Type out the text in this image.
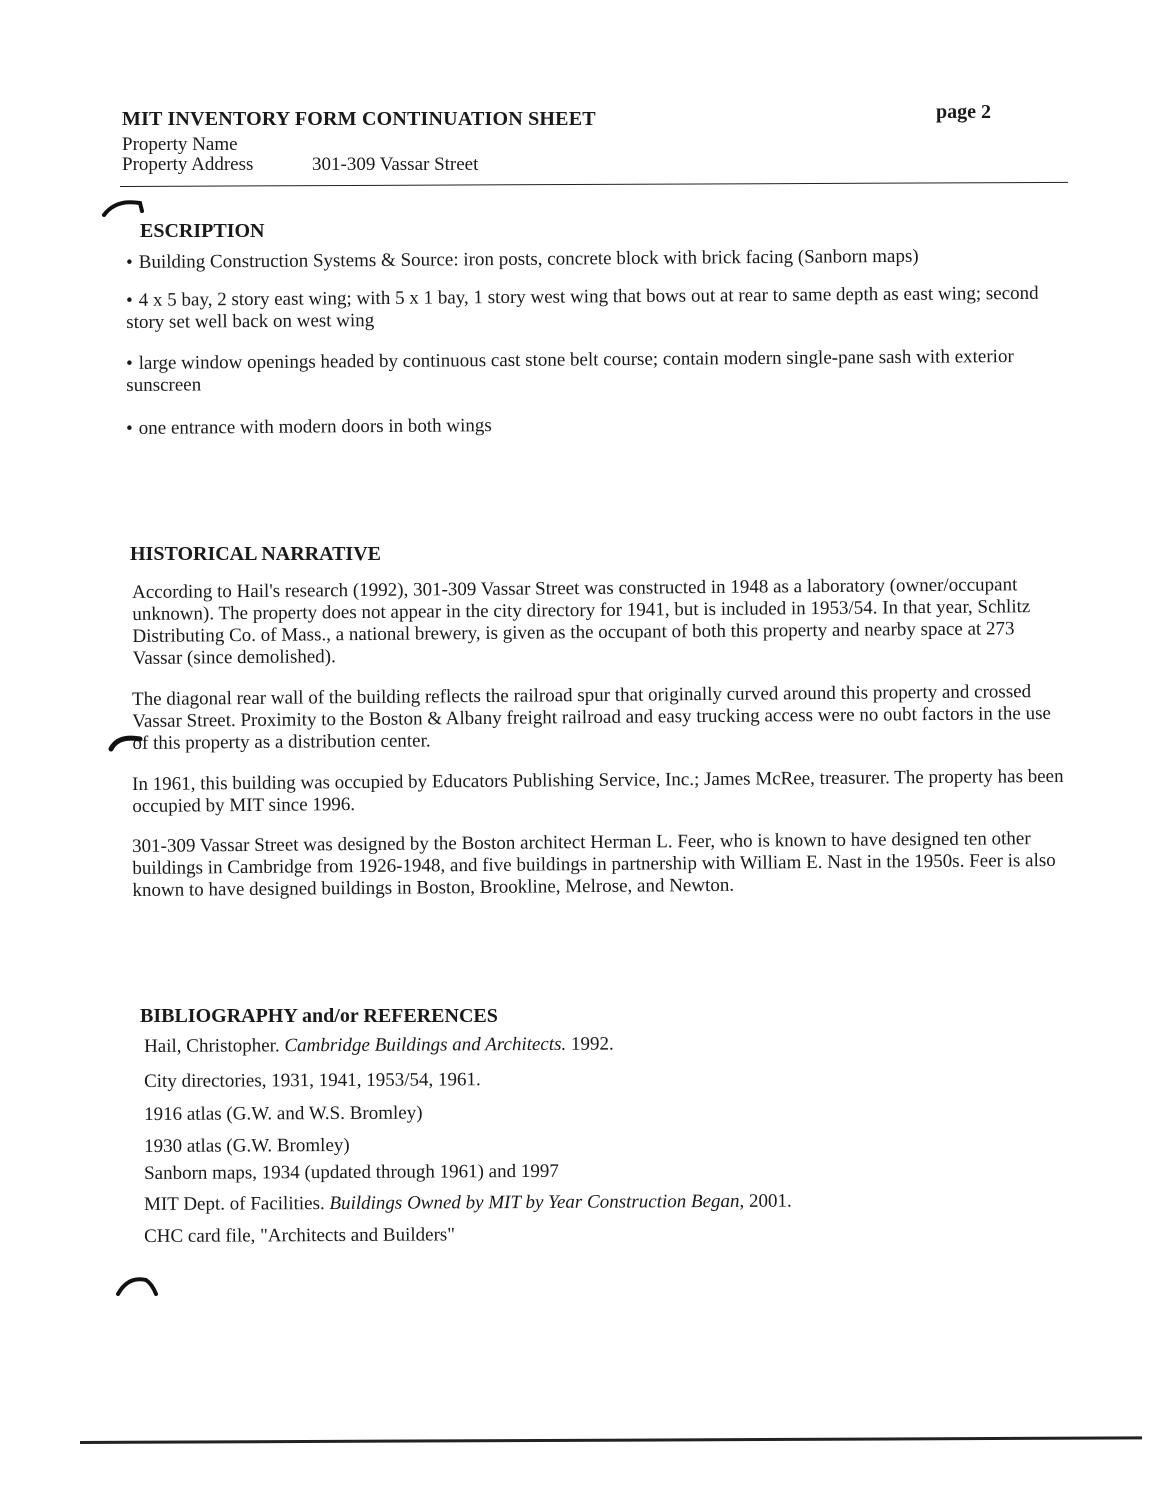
MIT INVENTORY FORM CONTINUATION SHEET	page 2
Property Name
Property Address	301-309 Vassar Street
ESCRIPTION
• Building Construction Systems & Source: iron posts, concrete block with brick facing (Sanborn maps)
• 4 x 5 bay, 2 story east wing; with 5 x 1 bay, 1 story west wing that bows out at rear to same depth as east wing; second story set well back on west wing
• large window openings headed by continuous cast stone belt course; contain modern single-pane sash with exterior sunscreen
• one entrance with modern doors in both wings
HISTORICAL NARRATIVE
According to Hail's research (1992), 301-309 Vassar Street was constructed in 1948 as a laboratory (owner/occupant unknown). The property does not appear in the city directory for 1941, but is included in 1953/54. In that year, Schlitz Distributing Co. of Mass., a national brewery, is given as the occupant of both this property and nearby space at 273 Vassar (since demolished).
The diagonal rear wall of the building reflects the railroad spur that originally curved around this property and crossed Vassar Street. Proximity to the Boston & Albany freight railroad and easy trucking access were no oubt factors in the use of this property as a distribution center.
In 1961, this building was occupied by Educators Publishing Service, Inc.; James McRee, treasurer. The property has been occupied by MIT since 1996.
301-309 Vassar Street was designed by the Boston architect Herman L. Feer, who is known to have designed ten other buildings in Cambridge from 1926-1948, and five buildings in partnership with William E. Nast in the 1950s. Feer is also known to have designed buildings in Boston, Brookline, Melrose, and Newton.
BIBLIOGRAPHY and/or REFERENCES
Hail, Christopher. Cambridge Buildings and Architects. 1992.
City directories, 1931, 1941, 1953/54, 1961.
1916 atlas (G.W. and W.S. Bromley)
1930 atlas (G.W. Bromley)
Sanborn maps, 1934 (updated through 1961) and 1997
MIT Dept. of Facilities. Buildings Owned by MIT by Year Construction Began, 2001.
CHC card file, "Architects and Builders"
